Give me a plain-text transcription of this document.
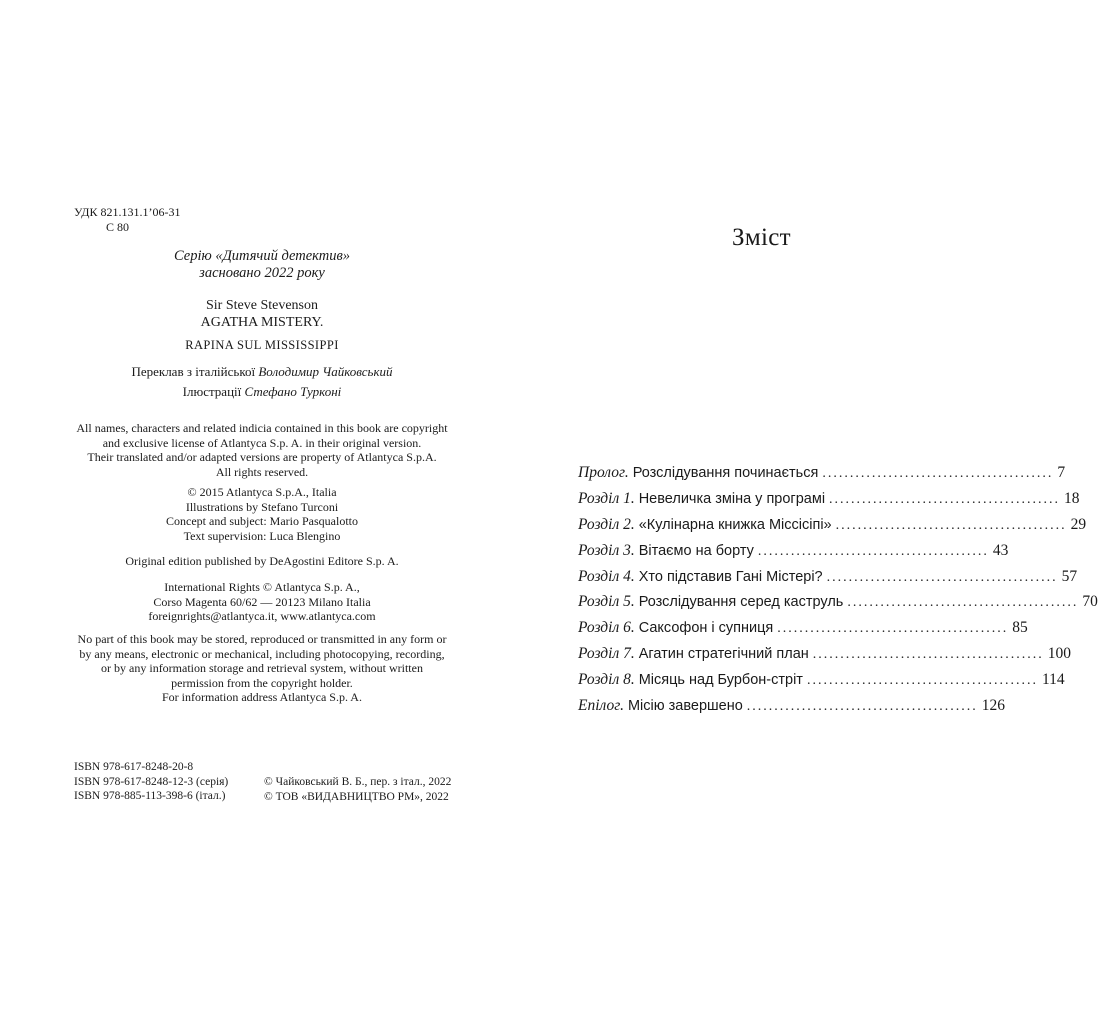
УДК 821.131.1’06-31
С 80
Серію «Дитячий детектив»
засновано 2022 року
Sir Steve Stevenson
AGATHA MISTERY.
RAPINA SUL MISSISSIPPI
Переклав з італійської Володимир Чайковський
Ілюстрації Стефано Турконі
All names, characters and related indicia contained in this book are copyright
and exclusive license of Atlantyca S.p. A. in their original version.
Their translated and/or adapted versions are property of Atlantyca S.p.A.
All rights reserved.
© 2015 Atlantyca S.p.A., Italia
Illustrations by Stefano Turconi
Concept and subject: Mario Pasqualotto
Text supervision: Luca Blengino
Original edition published by DeAgostini Editore S.p. A.
International Rights © Atlantyca S.p. A.,
Corso Magenta 60/62 — 20123 Milano Italia
foreignrights@atlantyca.it, www.atlantyca.com
No part of this book may be stored, reproduced or transmitted in any form or
by any means, electronic or mechanical, including photocopying, recording,
or by any information storage and retrieval system, without written
permission from the copyright holder.
For information address Atlantyca S.p. A.
ISBN 978-617-8248-20-8
ISBN 978-617-8248-12-3 (серія)
ISBN 978-885-113-398-6 (італ.)
© Чайковський В. Б., пер. з італ., 2022
© ТОВ «ВИДАВНИЦТВО РМ», 2022
Зміст
Пролог. Розслідування починається .......................................... 7
Розділ 1. Невеличка зміна у програмі .......................................... 18
Розділ 2. «Кулінарна книжка Міссісіпі» .......................................... 29
Розділ 3. Вітаємо на борту .......................................... 43
Розділ 4. Хто підставив Гані Містері? .......................................... 57
Розділ 5. Розслідування серед каструль .......................................... 70
Розділ 6. Саксофон і супниця .......................................... 85
Розділ 7. Агатин стратегічний план .......................................... 100
Розділ 8. Місяць над Бурбон-стріт .......................................... 114
Епілог. Місію завершено .......................................... 126
